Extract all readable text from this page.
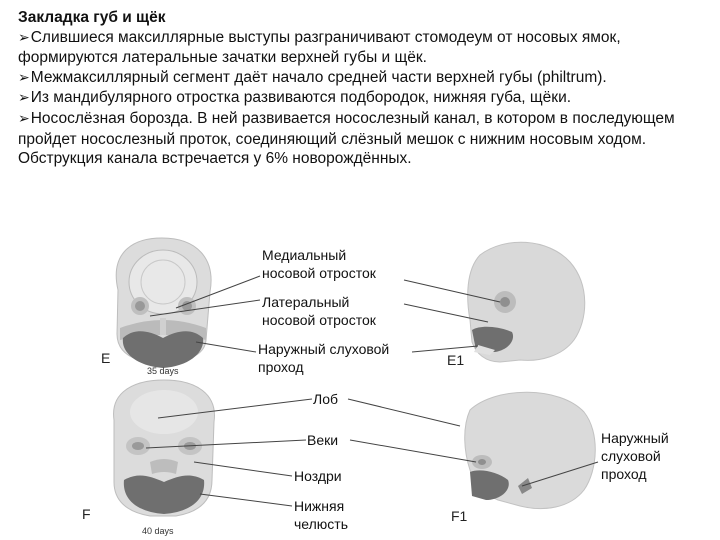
Закладка губ и щёк

➢Слившиеся максиллярные выступы разграничивают стомодеум от носовых ямок, формируются латеральные зачатки верхней губы и щёк.

➢Межмаксиллярный сегмент даёт начало средней части верхней губы (philtrum).

➢Из мандибулярного отростка развиваются подбородок, нижняя губа, щёки.

➢Носослёзная борозда. В ней развивается носослезный канал, в котором в последующем пройдет носослезный проток, соединяющий слёзный мешок с нижним носовым ходом. Обструкция канала встречается у 6% новорождённых.

Медиальный носовой отросток
Латеральный носовой отросток
Наружный слуховой проход
Лоб
Веки
Ноздри
Нижняя челюсть
Наружный слуховой проход
E	E1
F	F1
35 days
40 days
